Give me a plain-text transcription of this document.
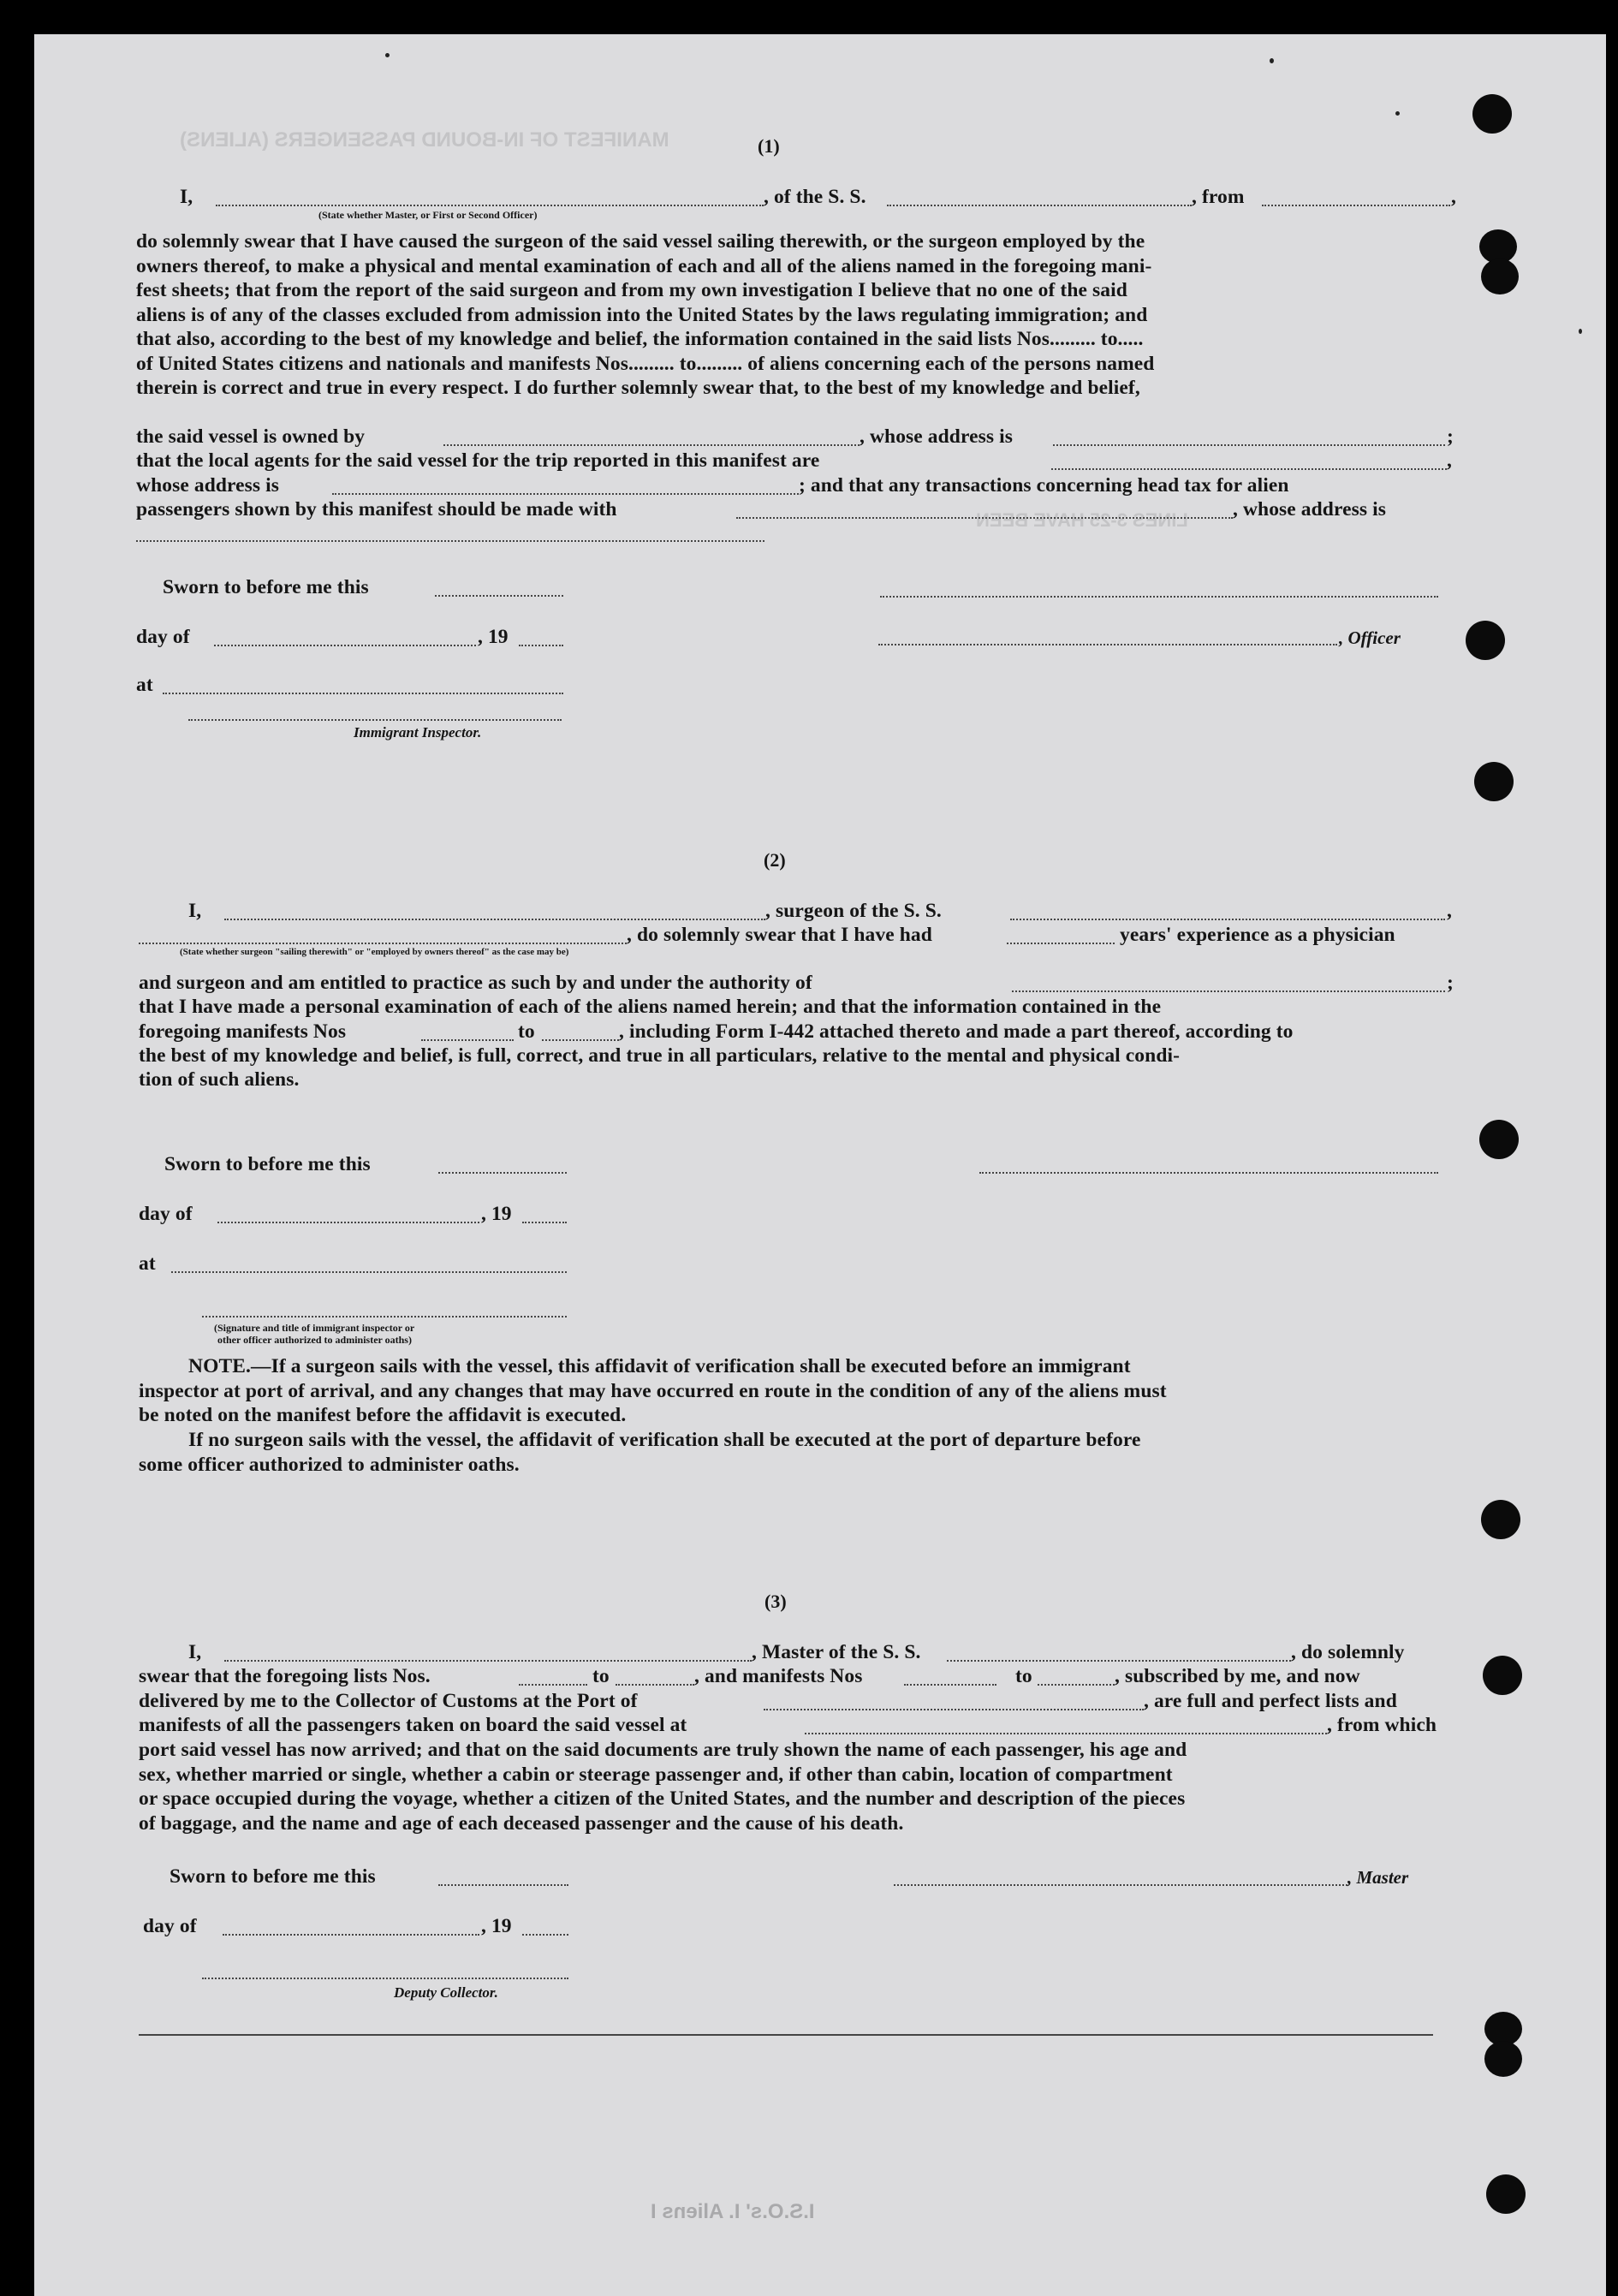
MANIFEST OF IN-BOUND PASSENGERS (ALIENS)
LINES 3-25 HAVE BEEN
I.S.O.s' I. Aliens I
(1)
I,	, of the S. S.	, from	,
(State whether Master, or First or Second Officer)
do solemnly swear that I have caused the surgeon of the said vessel sailing therewith, or the surgeon employed by the
owners thereof, to make a physical and mental examination of each and all of the aliens named in the foregoing mani-
fest sheets; that from the report of the said surgeon and from my own investigation I believe that no one of the said
aliens is of any of the classes excluded from admission into the United States by the laws regulating immigration; and
that also, according to the best of my knowledge and belief, the information contained in the said lists Nos......... to.....
of United States citizens and nationals and manifests Nos......... to......... of aliens concerning each of the persons named
therein is correct and true in every respect. I do further solemnly swear that, to the best of my knowledge and belief,
the said vessel is owned by	, whose address is	;
that the local agents for the said vessel for the trip reported in this manifest are	,
whose address is	; and that any transactions concerning head tax for alien
passengers shown by this manifest should be made with	, whose address is
Sworn to before me this
day of	, 19	, Officer
at
Immigrant Inspector.
(2)
I,	, surgeon of the S. S.	,
, do solemnly swear that I have had	years' experience as a physician
(State whether surgeon "sailing therewith" or "employed by owners thereof" as the case may be)
and surgeon and am entitled to practice as such by and under the authority of	;
that I have made a personal examination of each of the aliens named herein; and that the information contained in the
foregoing manifests Nos	to	, including Form I-442 attached thereto and made a part thereof, according to
the best of my knowledge and belief, is full, correct, and true in all particulars, relative to the mental and physical condi-
tion of such aliens.
Sworn to before me this
day of	, 19
at
(Signature and title of immigrant inspector or
other officer authorized to administer oaths)
NOTE.—If a surgeon sails with the vessel, this affidavit of verification shall be executed before an immigrant
inspector at port of arrival, and any changes that may have occurred en route in the condition of any of the aliens must
be noted on the manifest before the affidavit is executed.
If no surgeon sails with the vessel, the affidavit of verification shall be executed at the port of departure before
some officer authorized to administer oaths.
(3)
I,	, Master of the S. S.	, do solemnly
swear that the foregoing lists Nos.	to	, and manifests Nos	to	, subscribed by me, and now
delivered by me to the Collector of Customs at the Port of	, are full and perfect lists and
manifests of all the passengers taken on board the said vessel at	, from which
port said vessel has now arrived; and that on the said documents are truly shown the name of each passenger, his age and
sex, whether married or single, whether a cabin or steerage passenger and, if other than cabin, location of compartment
or space occupied during the voyage, whether a citizen of the United States, and the number and description of the pieces
of baggage, and the name and age of each deceased passenger and the cause of his death.
Sworn to before me this	, Master
day of	, 19
Deputy Collector.
